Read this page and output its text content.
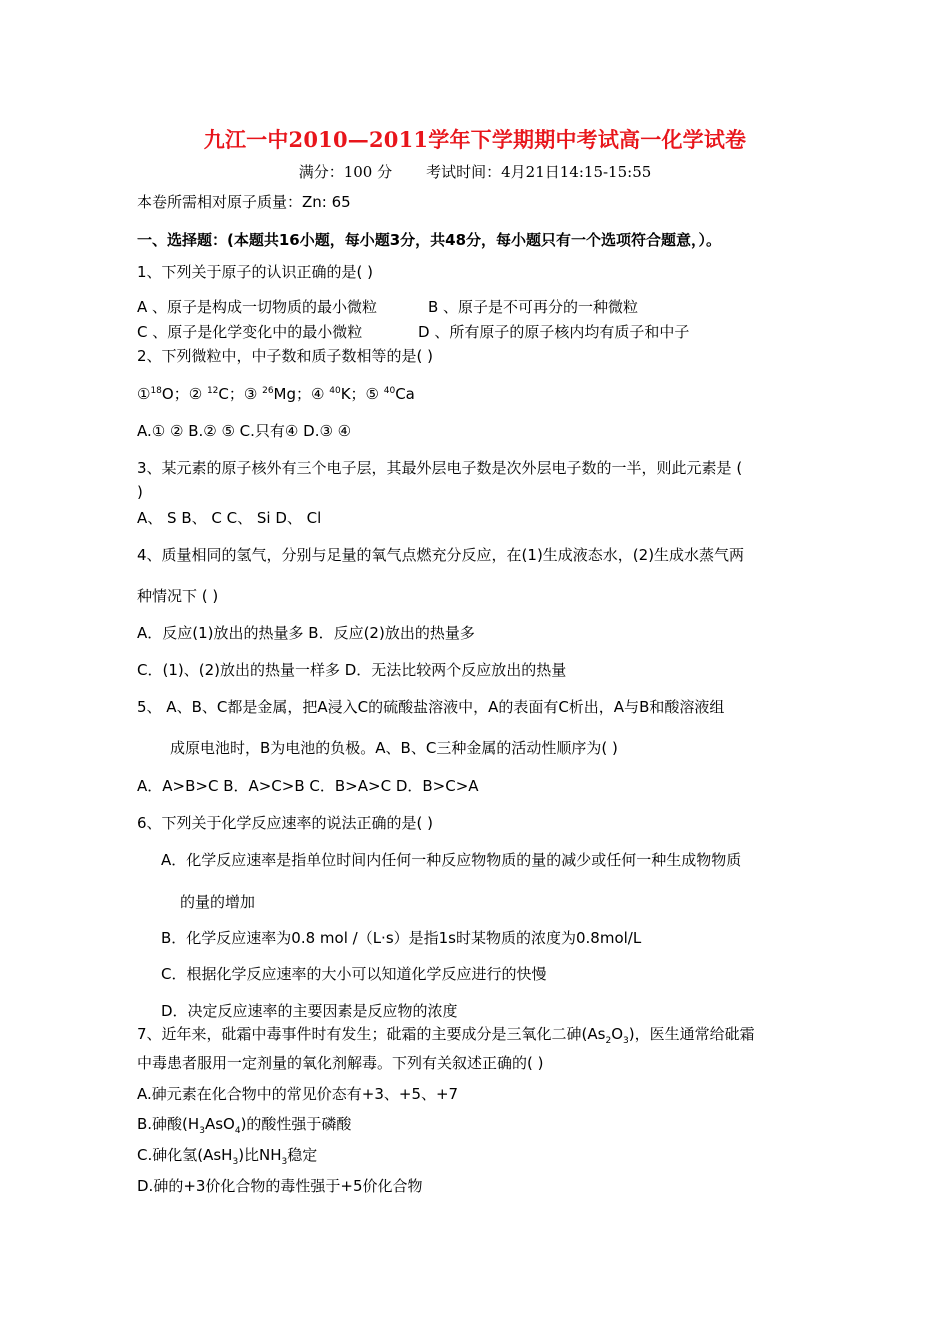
九江一中2010—2011学年下学期期中考试高一化学试卷
满分：100 分 考试时间：4月21日14:15-15:55
本卷所需相对原子质量：Zn: 65
一、选择题：(本题共16小题，每小题3分，共48分，每小题只有一个选项符合题意，）。
1、下列关于原子的认识正确的是( )
A 、原子是构成一切物质的最小微粒	B 、原子是不可再分的一种微粒
C 、原子是化学变化中的最小微粒	D 、所有原子的原子核内均有质子和中子
2、下列微粒中，中子数和质子数相等的是( )
①$^{18}$O；② $^{12}$C；③ $^{26}$Mg；④ $^{40}$K；⑤ $^{40}$Ca
A.① ② B.② ⑤ C.只有④ D.③ ④
3、某元素的原子核外有三个电子层，其最外层电子数是次外层电子数的一半，则此元素是 (
)
A、 S B、 C C、 Si D、 Cl
4、质量相同的氢气，分别与足量的氧气点燃充分反应，在(1)生成液态水，(2)生成水蒸气两
种情况下 ( )
A．反应(1)放出的热量多 B．反应(2)放出的热量多
C．(1)、(2)放出的热量一样多 D．无法比较两个反应放出的热量
5、 A、B、C都是金属，把A浸入C的硫酸盐溶液中，A的表面有C析出，A与B和酸溶液组
成原电池时，B为电池的负极。A、B、C三种金属的活动性顺序为( )
A．A>B>C B．A>C>B C．B>A>C D．B>C>A
6、下列关于化学反应速率的说法正确的是( )
A．化学反应速率是指单位时间内任何一种反应物物质的量的减少或任何一种生成物物质
的量的增加
B．化学反应速率为0.8 mol /（L·s）是指1s时某物质的浓度为0.8mol/L
C．根据化学反应速率的大小可以知道化学反应进行的快慢
D．决定反应速率的主要因素是反应物的浓度
7、近年来，砒霜中毒事件时有发生；砒霜的主要成分是三氧化二砷$(As_2O_3)$，医生通常给砒霜
中毒患者服用一定剂量的氧化剂解毒。下列有关叙述正确的( )
A.砷元素在化合物中的常见价态有+3、+5、+7
B.砷酸$(H_3AsO_4)$的酸性强于磷酸
C.砷化氢(AsH$_3$)比$NH_3$稳定
D.砷的+3价化合物的毒性强于+5价化合物
